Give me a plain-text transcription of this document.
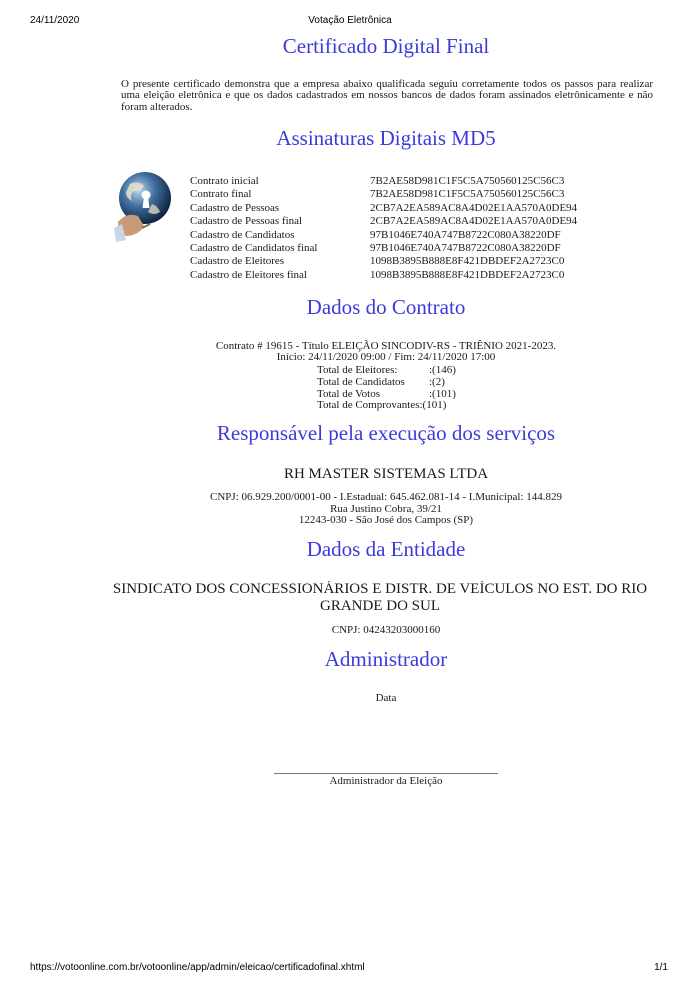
24/11/2020	Votação Eletrônica
Certificado Digital Final

O presente certificado demonstra que a empresa abaixo qualificada seguiu corretamente todos os passos para realizar uma eleição eletrônica e que os dados cadastrados em nossos bancos de dados foram assinados eletrônicamente e não foram alterados.

Assinaturas Digitais MD5
Contrato inicial	7B2AE58D981C1F5C5A750560125C56C3
Contrato final	7B2AE58D981C1F5C5A750560125C56C3
Cadastro de Pessoas	2CB7A2EA589AC8A4D02E1AA570A0DE94
Cadastro de Pessoas final	2CB7A2EA589AC8A4D02E1AA570A0DE94
Cadastro de Candidatos	97B1046E740A747B8722C080A38220DF
Cadastro de Candidatos final	97B1046E740A747B8722C080A38220DF
Cadastro de Eleitores	1098B3895B888E8F421DBDEF2A2723C0
Cadastro de Eleitores final	1098B3895B888E8F421DBDEF2A2723C0
Dados do Contrato
Contrato # 19615 - Título ELEIÇÃO SINCODIV-RS - TRIÊNIO 2021-2023.
Início: 24/11/2020 09:00 / Fim: 24/11/2020 17:00
Total de Eleitores:	:(146)
Total de Candidatos	:(2)
Total de Votos	:(101)
Total de Comprovantes: (101)
Responsável pela execução dos serviços
RH MASTER SISTEMAS LTDA
CNPJ: 06.929.200/0001-00 - I.Estadual: 645.462.081-14 - I.Municipal: 144.829
Rua Justino Cobra, 39/21
12243-030 - São José dos Campos (SP)
Dados da Entidade
SINDICATO DOS CONCESSIONÁRIOS E DISTR. DE VEÍCULOS NO EST. DO RIO
GRANDE DO SUL
CNPJ: 04243203000160
Administrador
Data
Administrador da Eleição
https://votoonline.com.br/votoonline/app/admin/eleicao/certificadofinal.xhtml	1/1
